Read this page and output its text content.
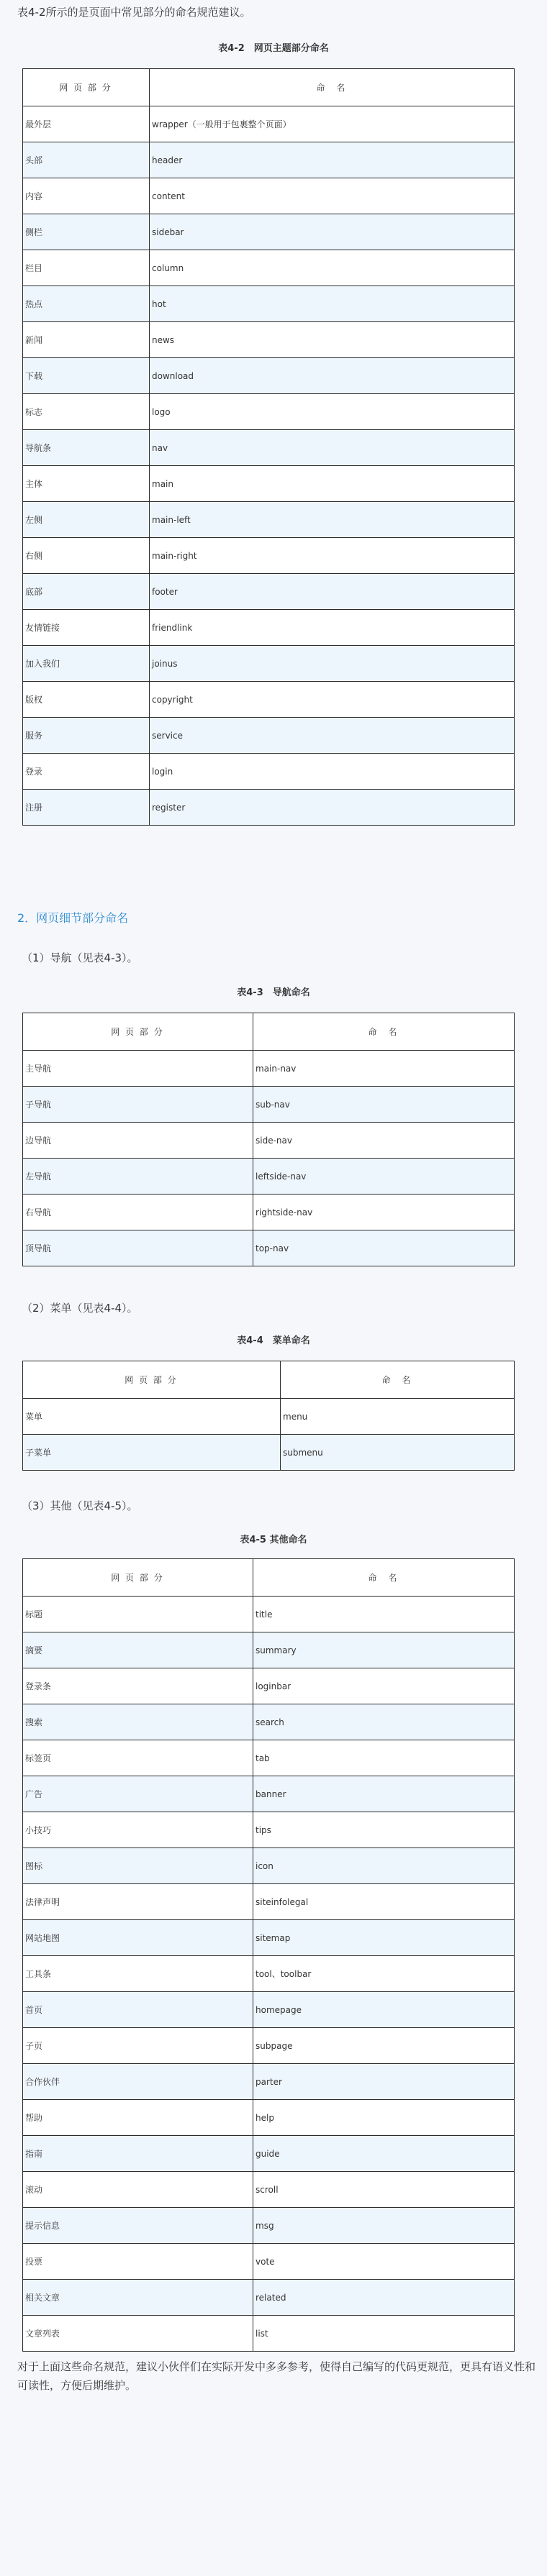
表4-2所示的是页面中常见部分的命名规范建议。

表4-2　网页主题部分命名

网 页 部 分	命　名
最外层	wrapper（一般用于包裹整个页面）
头部	header
内容	content
侧栏	sidebar
栏目	column
热点	hot
新闻	news
下载	download
标志	logo
导航条	nav
主体	main
左侧	main-left
右侧	main-right
底部	footer
友情链接	friendlink
加入我们	joinus
版权	copyright
服务	service
登录	login
注册	register

2．网页细节部分命名

（1）导航（见表4-3）。

表4-3　导航命名

网 页 部 分	命　名
主导航	main-nav
子导航	sub-nav
边导航	side-nav
左导航	leftside-nav
右导航	rightside-nav
顶导航	top-nav

（2）菜单（见表4-4）。

表4-4　菜单命名

网 页 部 分	命　名
菜单	menu
子菜单	submenu

（3）其他（见表4-5）。

表4-5 其他命名

网 页 部 分	命　名
标题	title
摘要	summary
登录条	loginbar
搜索	search
标签页	tab
广告	banner
小技巧	tips
图标	icon
法律声明	siteinfolegal
网站地图	sitemap
工具条	tool、toolbar
首页	homepage
子页	subpage
合作伙伴	parter
帮助	help
指南	guide
滚动	scroll
提示信息	msg
投票	vote
相关文章	related
文章列表	list

对于上面这些命名规范，建议小伙伴们在实际开发中多多参考，使得自己编写的代码更规范，更具有语义性和可读性，方便后期维护。
